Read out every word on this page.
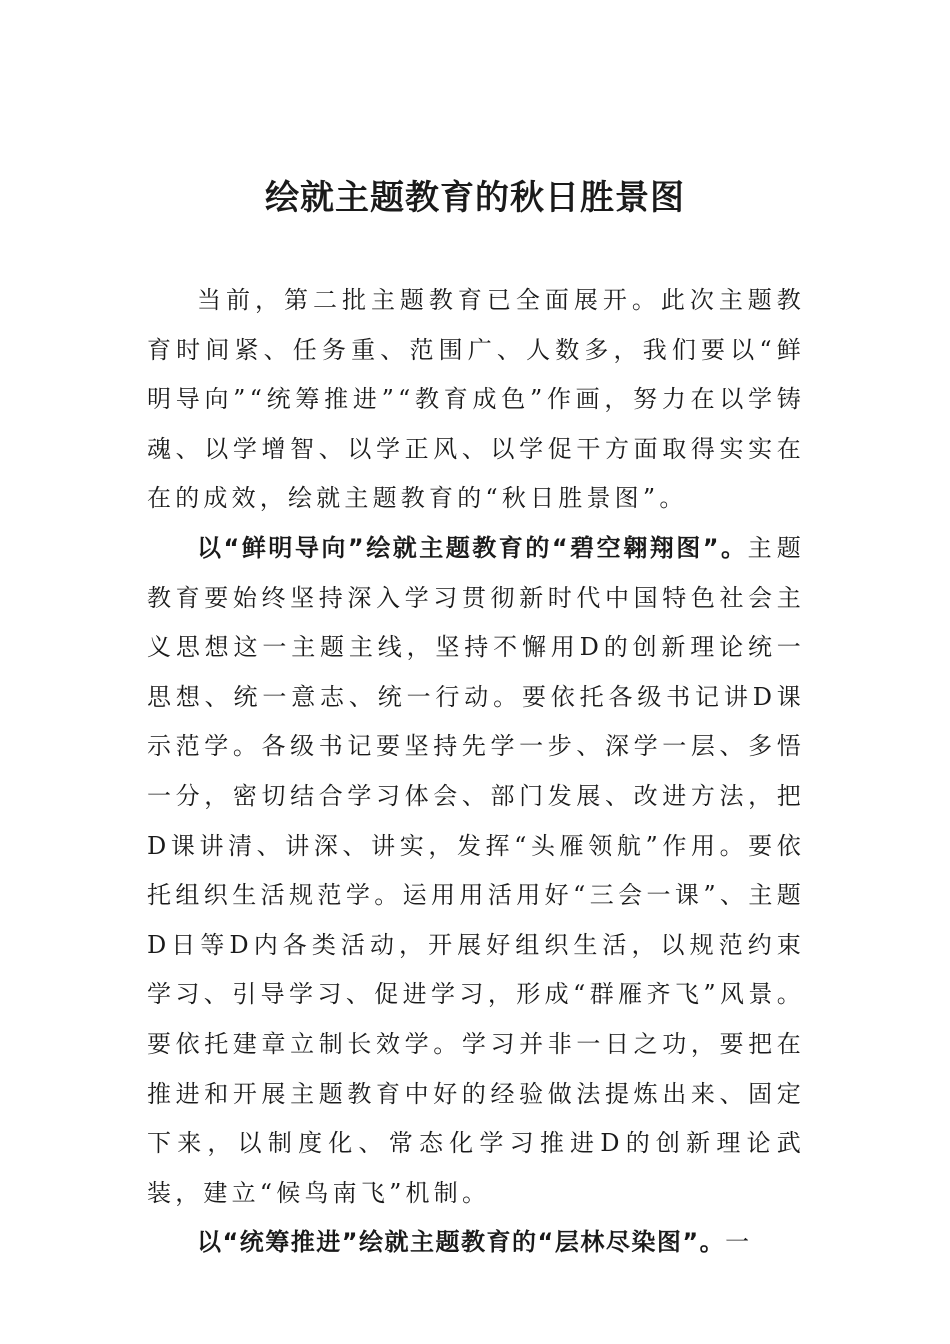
绘就主题教育的秋日胜景图

当前，第二批主题教育已全面展开。此次主题教育时间紧、任务重、范围广、人数多，我们要以“鲜明导向”“统筹推进”“教育成色”作画，努力在以学铸魂、以学增智、以学正风、以学促干方面取得实实在在的成效，绘就主题教育的“秋日胜景图”。

以“鲜明导向”绘就主题教育的“碧空翱翔图”。主题教育要始终坚持深入学习贯彻新时代中国特色社会主义思想这一主题主线，坚持不懈用D的创新理论统一思想、统一意志、统一行动。要依托各级书记讲D课示范学。各级书记要坚持先学一步、深学一层、多悟一分，密切结合学习体会、部门发展、改进方法，把D课讲清、讲深、讲实，发挥“头雁领航”作用。要依托组织生活规范学。运用用活用好“三会一课”、主题D日等D内各类活动，开展好组织生活，以规范约束学习、引导学习、促进学习，形成“群雁齐飞”风景。要依托建章立制长效学。学习并非一日之功，要把在推进和开展主题教育中好的经验做法提炼出来、固定下来，以制度化、常态化学习推进D的创新理论武装，建立“候鸟南飞”机制。

以“统筹推进”绘就主题教育的“层林尽染图”。一
